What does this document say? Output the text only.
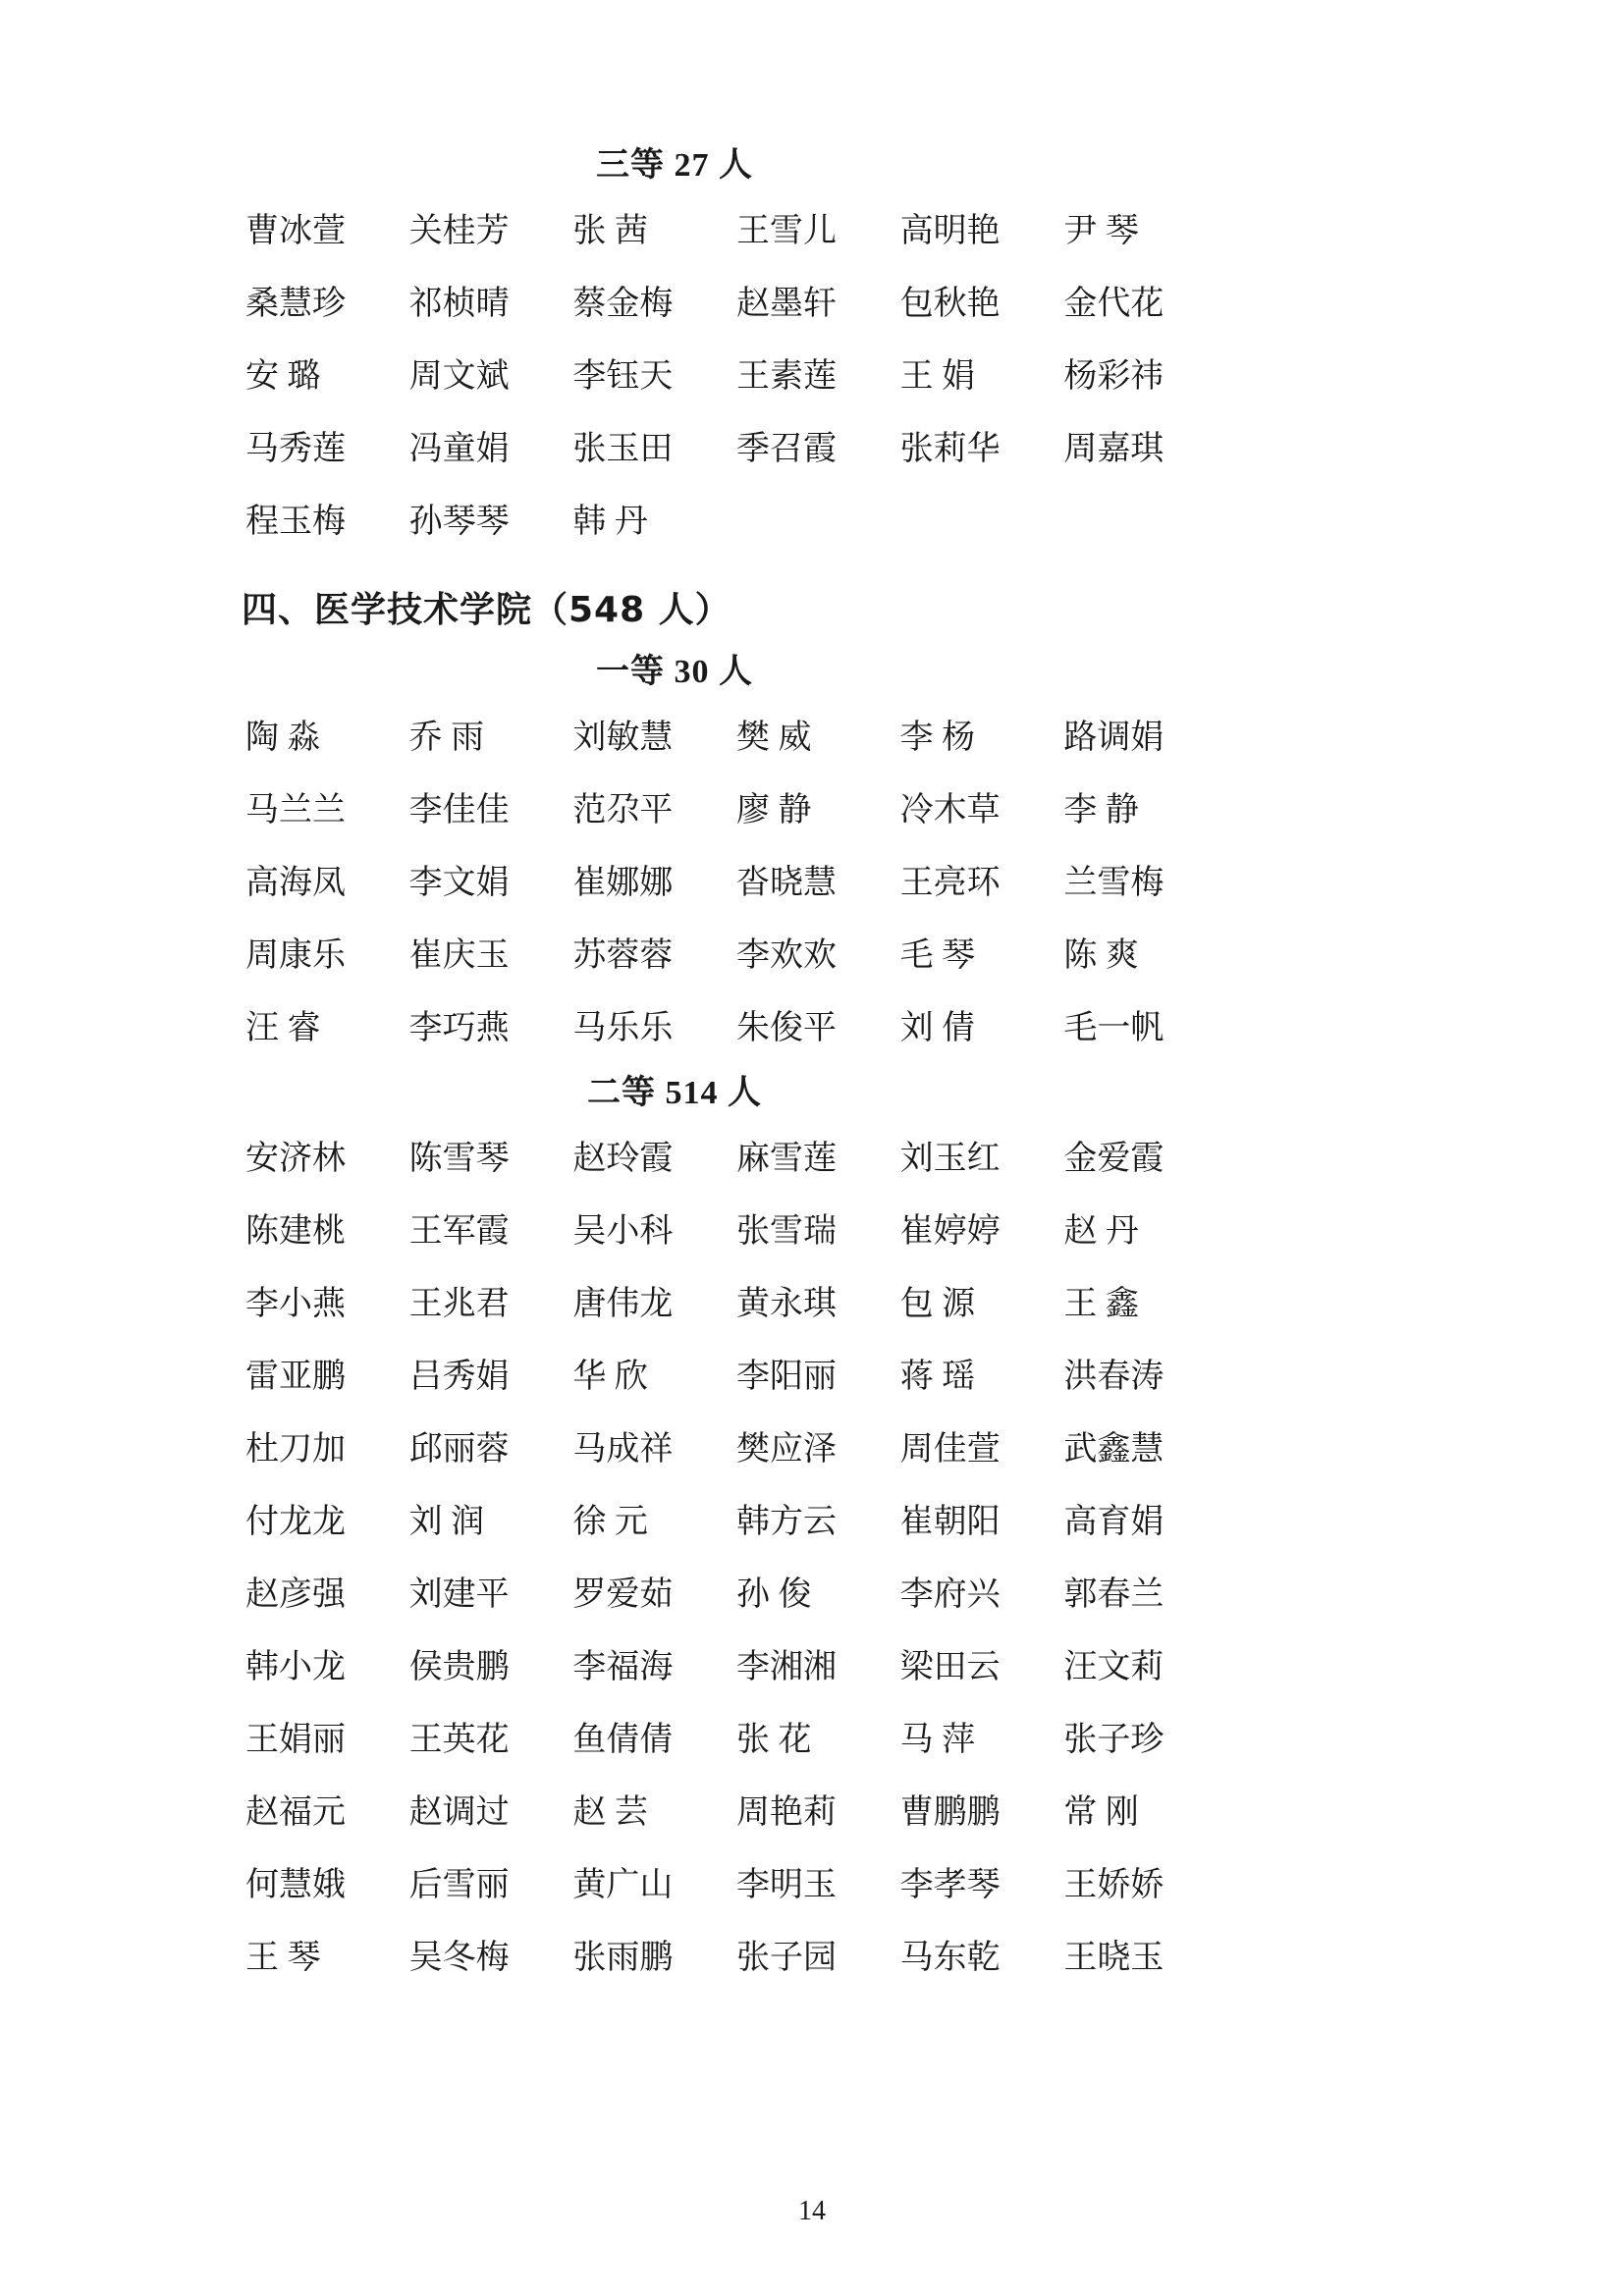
三等 27 人
曹冰萱	关桂芳	张 茜	王雪儿	高明艳	尹 琴
桑慧珍	祁桢晴	蔡金梅	赵墨轩	包秋艳	金代花
安 璐	周文斌	李钰天	王素莲	王 娟	杨彩祎
马秀莲	冯童娟	张玉田	季召霞	张莉华	周嘉琪
程玉梅	孙琴琴	韩 丹
四、医学技术学院（548 人）
一等 30 人
陶 淼	乔 雨	刘敏慧	樊 威	李 杨	路调娟
马兰兰	李佳佳	范尕平	廖 静	冷木草	李 静
高海凤	李文娟	崔娜娜	沓晓慧	王亮环	兰雪梅
周康乐	崔庆玉	苏蓉蓉	李欢欢	毛 琴	陈 爽
汪 睿	李巧燕	马乐乐	朱俊平	刘 倩	毛一帆
二等 514 人
安济林	陈雪琴	赵玲霞	麻雪莲	刘玉红	金爱霞
陈建桃	王军霞	吴小科	张雪瑞	崔婷婷	赵 丹
李小燕	王兆君	唐伟龙	黄永琪	包 源	王 鑫
雷亚鹏	吕秀娟	华 欣	李阳丽	蒋 瑶	洪春涛
杜刀加	邱丽蓉	马成祥	樊应泽	周佳萱	武鑫慧
付龙龙	刘 润	徐 元	韩方云	崔朝阳	高育娟
赵彦强	刘建平	罗爱茹	孙 俊	李府兴	郭春兰
韩小龙	侯贵鹏	李福海	李湘湘	梁田云	汪文莉
王娟丽	王英花	鱼倩倩	张 花	马 萍	张子珍
赵福元	赵调过	赵 芸	周艳莉	曹鹏鹏	常 刚
何慧娥	后雪丽	黄广山	李明玉	李孝琴	王娇娇
王 琴	吴冬梅	张雨鹏	张子园	马东乾	王晓玉
14
